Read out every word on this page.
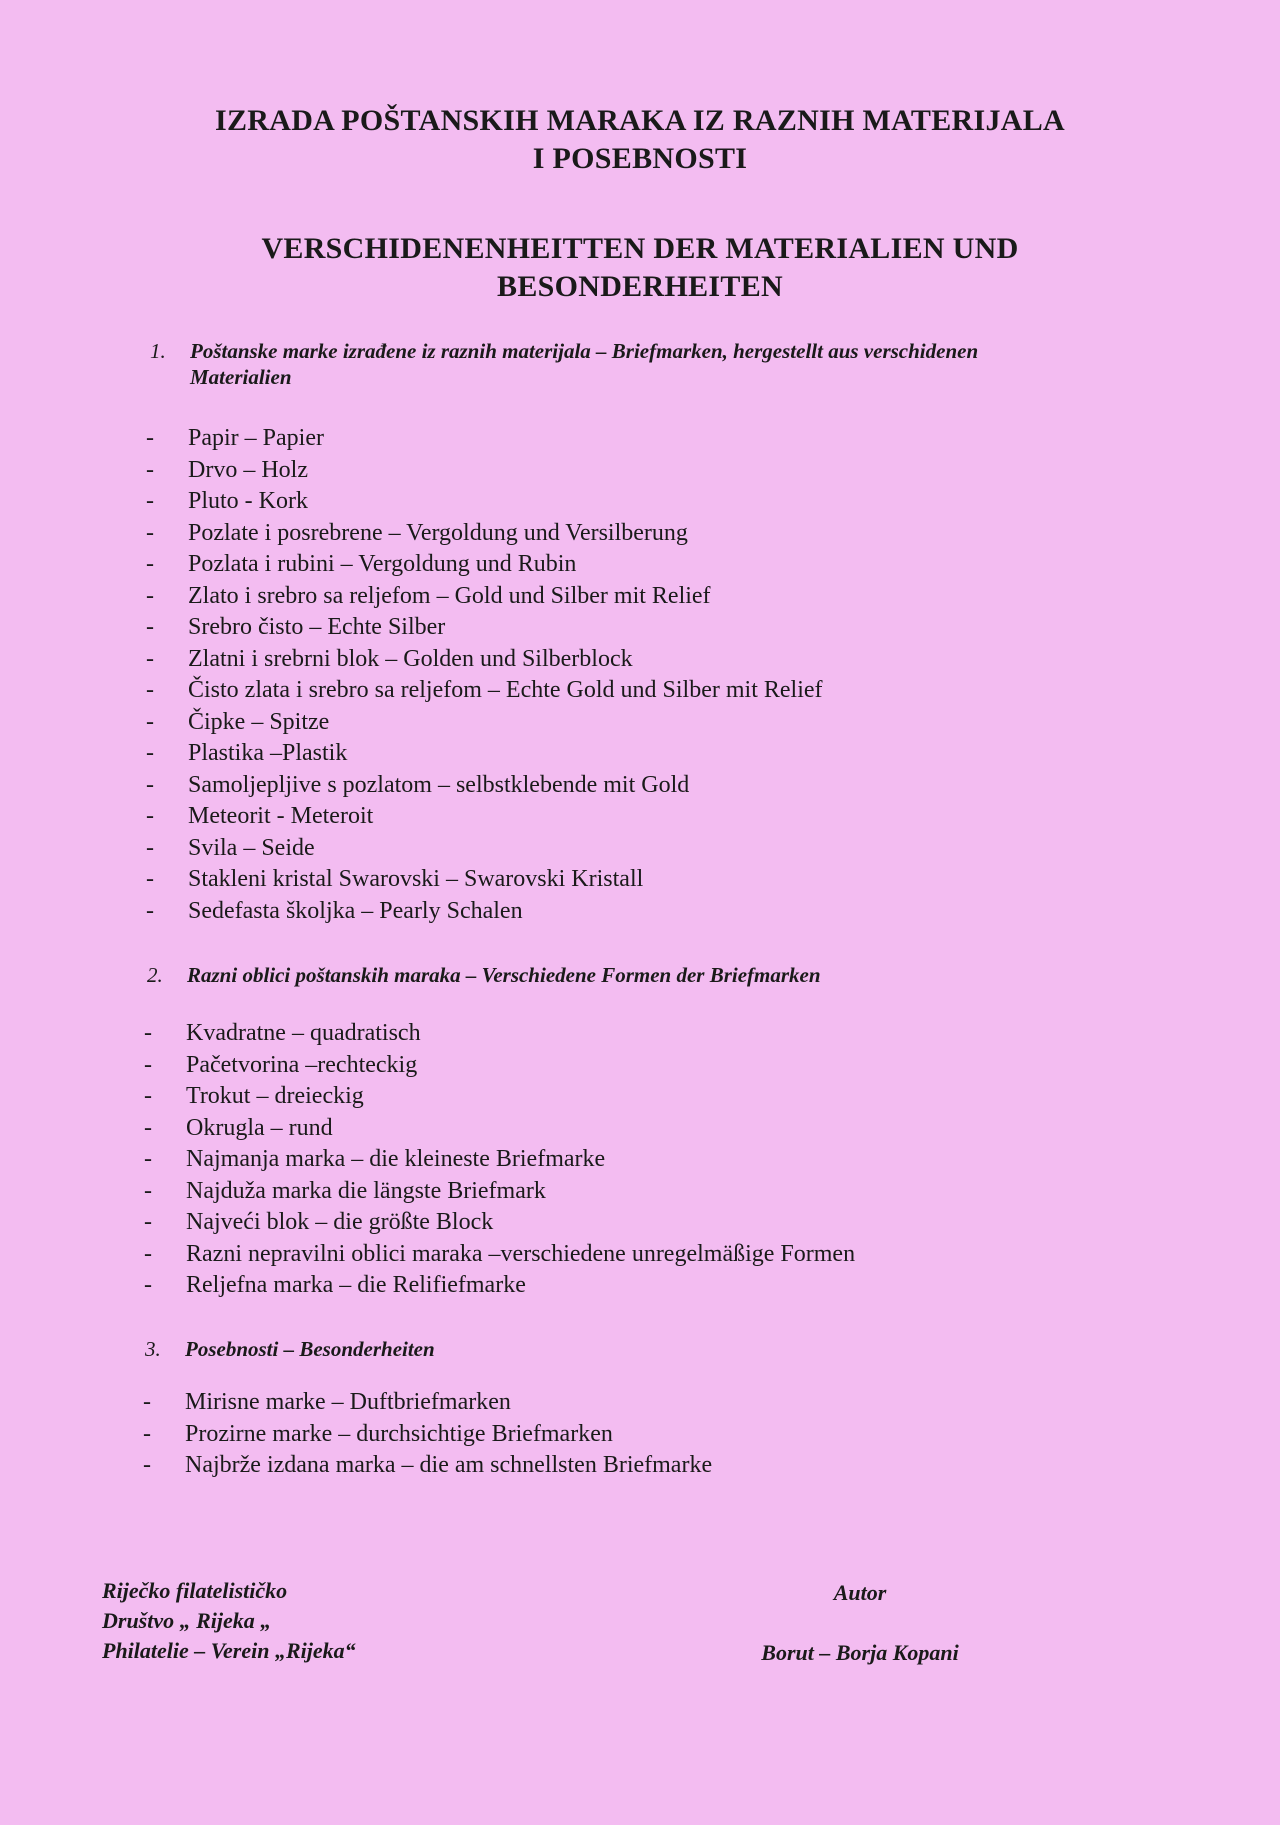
IZRADA POŠTANSKIH MARAKA IZ RAZNIH MATERIJALA
I POSEBNOSTI
VERSCHIDENENHEITTEN DER MATERIALIEN UND
BESONDERHEITEN
1. Poštanske marke izrađene iz raznih materijala – Briefmarken, hergestellt aus verschidenen
Materialien
- Papir – Papier
- Drvo – Holz
- Pluto - Kork
- Pozlate i posrebrene – Vergoldung und Versilberung
- Pozlata i rubini – Vergoldung und Rubin
- Zlato i srebro sa reljefom – Gold und Silber mit Relief
- Srebro čisto – Echte Silber
- Zlatni i srebrni blok – Golden und Silberblock
- Čisto zlata i srebro sa reljefom – Echte Gold und Silber mit Relief
- Čipke – Spitze
- Plastika –Plastik
- Samoljepljive s pozlatom – selbstklebende mit Gold
- Meteorit - Meteroit
- Svila – Seide
- Stakleni kristal Swarovski – Swarovski Kristall
- Sedefasta školjka – Pearly Schalen
2. Razni oblici poštanskih maraka – Verschiedene Formen der Briefmarken
- Kvadratne – quadratisch
- Pačetvorina –rechteckig
- Trokut – dreieckig
- Okrugla – rund
- Najmanja marka – die kleineste Briefmarke
- Najduža marka die längste Briefmark
- Najveći blok – die größte Block
- Razni nepravilni oblici maraka –verschiedene unregelmäßige Formen
- Reljefna marka – die Relifiefmarke
3. Posebnosti – Besonderheiten
- Mirisne marke – Duftbriefmarken
- Prozirne marke – durchsichtige Briefmarken
- Najbrže izdana marka – die am schnellsten Briefmarke
Riječko filatelističko
Društvo „ Rijeka „
Philatelie – Verein „Rijeka“
Autor
Borut – Borja Kopani
